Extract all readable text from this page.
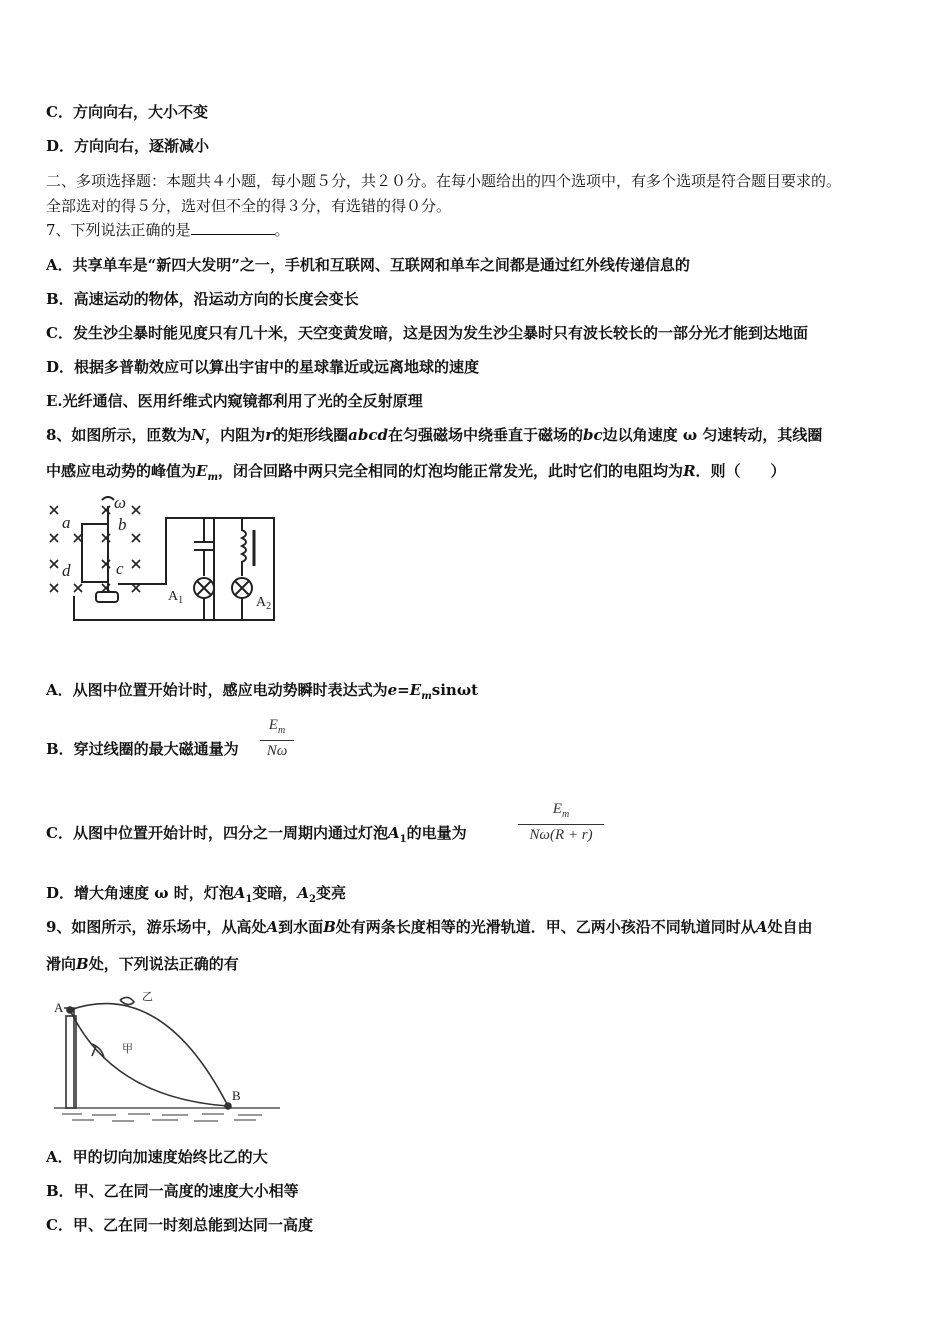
C．方向向右，大小不变
D．方向向右，逐渐减小
二、多项选择题：本题共４小题，每小题５分，共２０分。在每小题给出的四个选项中，有多个选项是符合题目要求的。
全部选对的得５分，选对但不全的得３分，有选错的得０分。
7、下列说法正确的是	。
A．共享单车是“新四大发明”之一，手机和互联网、互联网和单车之间都是通过红外线传递信息的
B．高速运动的物体，沿运动方向的长度会变长
C．发生沙尘暴时能见度只有几十米，天空变黄发暗，这是因为发生沙尘暴时只有波长较长的一部分光才能到达地面
D．根据多普勒效应可以算出宇宙中的星球靠近或远离地球的速度
E.光纤通信、医用纤维式内窥镜都利用了光的全反射原理
8、如图所示，匝数为N，内阻为r的矩形线圈abcd在匀强磁场中绕垂直于磁场的bc边以角速度 ω 匀速转动，其线圈
中感应电动势的峰值为$E_m$，闭合回路中两只完全相同的灯泡均能正常发光，此时它们的电阻均为R．则（　　）
ω
a	b
c
d
$A_1$	$A_2$
A．从图中位置开始计时，感应电动势瞬时表达式为$e=E_m\sin\omega t$
B．穿过线圈的最大磁通量为
$E_m$
Nω
C．从图中位置开始计时，四分之一周期内通过灯泡$A_1$的电量为
$E_m$
Nω(R + r)
D．增大角速度 ω 时，灯泡$A_1$变暗，$A_2$变亮
9、如图所示，游乐场中，从高处A到水面B处有两条长度相等的光滑轨道．甲、乙两小孩沿不同轨道同时从A处自由
滑向B处，下列说法正确的有
A
B
甲
乙
A．甲的切向加速度始终比乙的大
B．甲、乙在同一高度的速度大小相等
C．甲、乙在同一时刻总能到达同一高度
